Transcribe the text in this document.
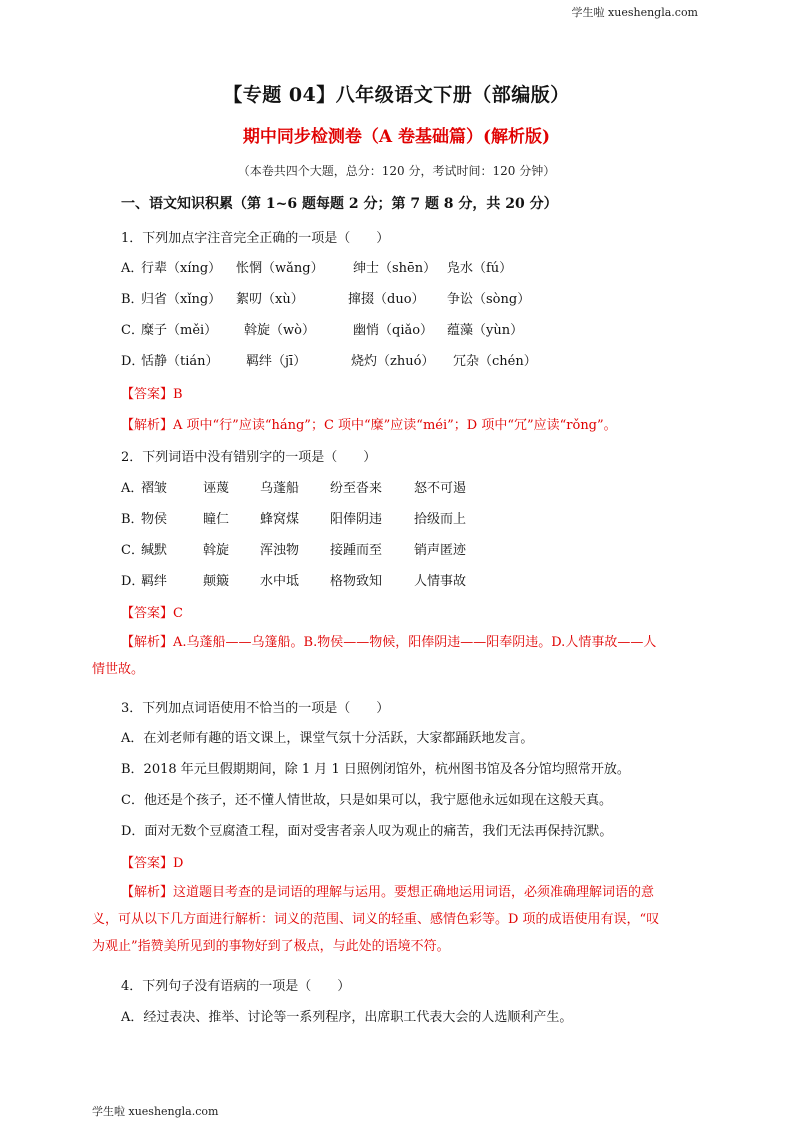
学生啦 xueshengla.com
【专题 04】八年级语文下册（部编版）
期中同步检测卷（A 卷基础篇）(解析版)
（本卷共四个大题，总分：120 分，考试时间：120 分钟）
一、语文知识积累（第 1~6 题每题 2 分；第 7 题 8 分，共 20 分）
1．下列加点字注音完全正确的一项是（　　）
A．行辈（xíng） 怅惘（wǎng） 绅士（shēn） 凫水（fú）
B．归省（xǐng） 絮叨（xù）	撺掇（duo） 争讼（sòng）
C．糜子（měi） 斡旋（wò）	幽悄（qiǎo） 蕴藻（yùn）
D．恬静（tián） 羁绊（jī）	烧灼（zhuó） 冗杂（chén）
【答案】B
【解析】A 项中“行”应读“háng”；C 项中“糜”应读“méi”；D 项中“冗”应读“rǒng”。
2．下列词语中没有错别字的一项是（　　）
A．褶皱	诬蔑 乌蓬船 纷至沓来 怒不可遏
B．物侯	瞳仁 蜂窝煤 阳俸阴违 拾级而上
C．缄默	斡旋 浑浊物 接踵而至 销声匿迹
D．羁绊	颠簸 水中坻 格物致知 人情事故
【答案】C
【解析】A.乌蓬船——乌篷船。B.物侯——物候，阳俸阴违——阳奉阴违。D.人情事故——人
情世故。
3．下列加点词语使用不恰当的一项是（　　）
A．在刘老师有趣的语文课上，课堂气氛十分活跃，大家都踊跃地发言。
B．2018 年元旦假期期间，除 1 月 1 日照例闭馆外，杭州图书馆及各分馆均照常开放。
C．他还是个孩子，还不懂人情世故，只是如果可以，我宁愿他永远如现在这般天真。
D．面对无数个豆腐渣工程，面对受害者亲人叹为观止的痛苦，我们无法再保持沉默。
【答案】D
【解析】这道题目考查的是词语的理解与运用。要想正确地运用词语，必须准确理解词语的意
义，可从以下几方面进行解析：词义的范围、词义的轻重、感情色彩等。D 项的成语使用有误，“叹
为观止”指赞美所见到的事物好到了极点，与此处的语境不符。
4．下列句子没有语病的一项是（　　）
A．经过表决、推举、讨论等一系列程序，出席职工代表大会的人选顺利产生。
学生啦 xueshengla.com
